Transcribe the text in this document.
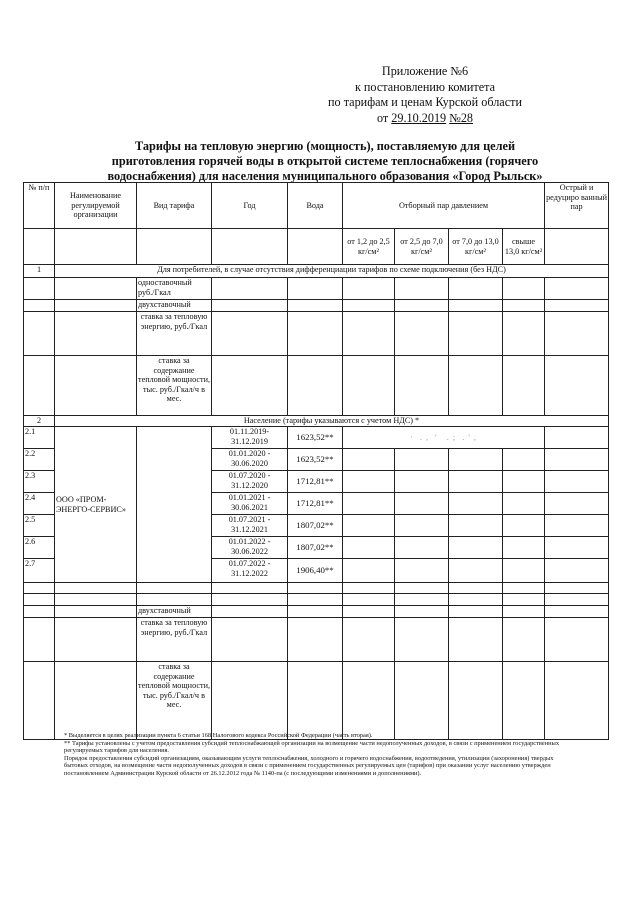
Приложение №6
к постановлению комитета
по тарифам и ценам Курской области
от 29.10.2019 №28
Тарифы на тепловую энергию (мощность), поставляемую для целей
приготовления горячей воды в открытой системе теплоснабжения (горячего
водоснабжения) для населения муниципального образования «Город Рыльск»
№ п/п	Наименование регулируемой организации	Вид тарифа	Год	Вода	Отборный пар давлением				Острый и редуциро ванный пар
					от 1,2 до 2,5 кг/см²	от 2,5 до 7,0 кг/см²	от 7,0 до 13,0 кг/см²	свыше 13,0 кг/см²	
1	Для потребителей, в случае отсутствия дифференциации тарифов по схеме подключения (без НДС)								
		одноставочный руб./Гкал							
		двухставочный							
		ставка за тепловую энергию, руб./Гкал							
		ставка за содержание тепловой мощности, тыс. руб./Гкал/ч в мес.							
2	Население (тарифы указываются с учетом НДС) *								
2.1	ООО «ПРОМ-ЭНЕРГО-СЕРВИС»		01.11.2019-31.12.2019	1623,52**	·  . ,  '   . ;  . ' ,				
2.2			01.01.2020 - 30.06.2020	1623,52**					
2.3			01.07.2020 - 31.12.2020	1712,81**					
2.4			01.01.2021 - 30.06.2021	1712,81**					
2.5			01.07.2021 - 31.12.2021	1807,02**					
2.6			01.01.2022 - 30.06.2022	1807,02**					
2.7			01.07.2022 - 31.12.2022	1906,40**					

		двухставочный							
		ставка за тепловую энергию, руб./Гкал							
		ставка за содержание тепловой мощности, тыс. руб./Гкал/ч в мес.							

* Выделяется в целях реализации пункта 6 статьи 168 Налогового кодекса Российской Федерации (часть вторая).

** Тарифы установлены с учетом предоставления субсидий теплоснабжающей организации на возмещение части недополученных доходов, в связи с применением государственных регулируемых тарифов для населения.

Порядок предоставления субсидий организациям, оказывающим услуги теплоснабжения, холодного и горячего водоснабжения, водоотведения, утилизации (захоронения) твердых бытовых отходов, на возмещение части недополученных доходов в связи с применением государственных регулируемых цен (тарифов) при оказании услуг населению утвержден постановлением Администрации Курской области от 26.12.2012 года № 1140-па (с последующими изменениями и дополнениями).
